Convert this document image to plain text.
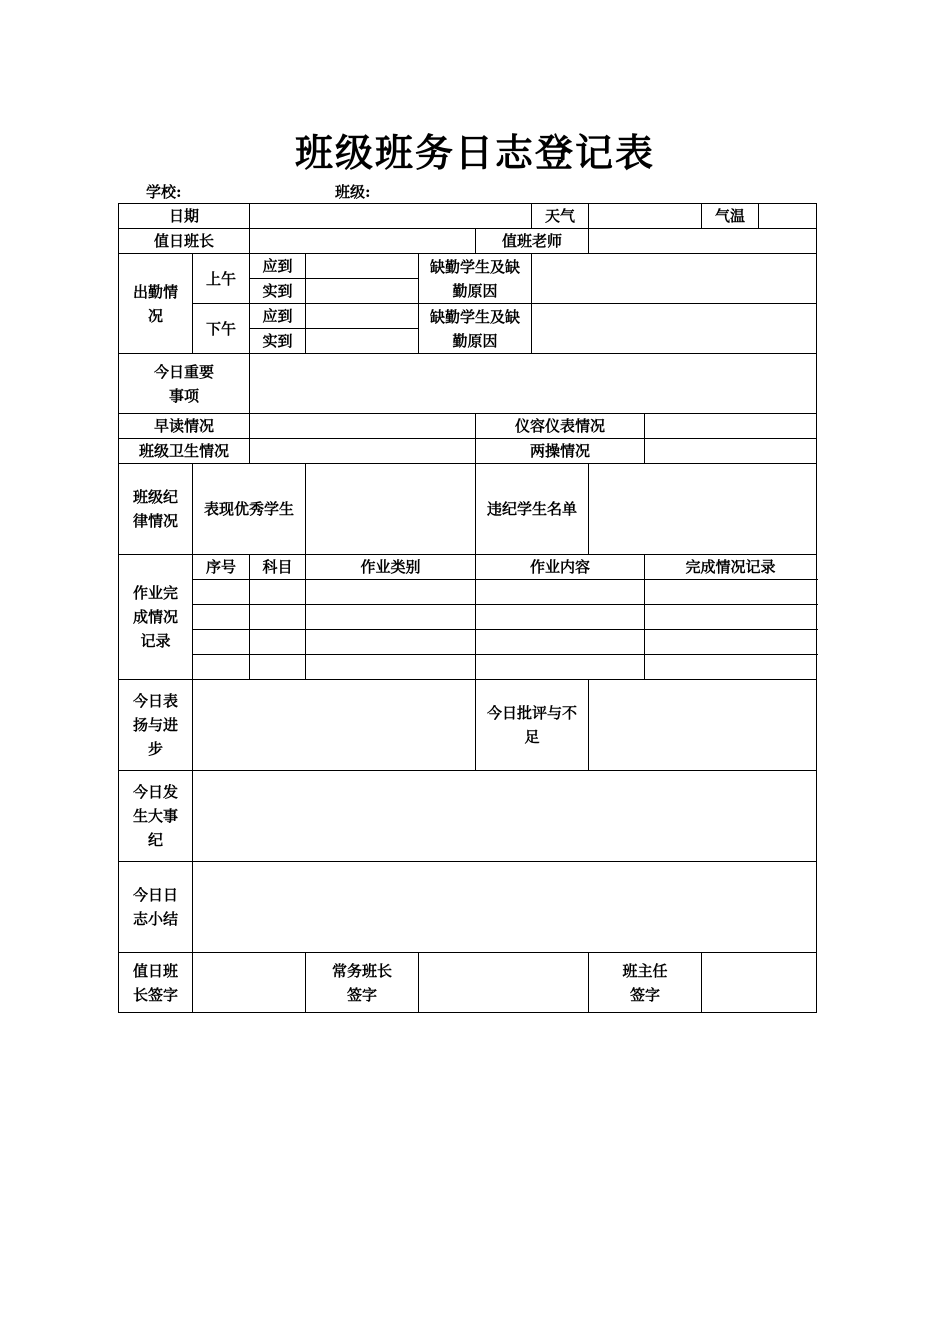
班级班务日志登记表
学校:	班级:
日期						天气			气温	
值日班长					值班老师					
出勤情况	上午	应到		缺勤学生及缺勤原因						
		实到								
	下午	应到		缺勤学生及缺勤原因						
		实到								
今日重要事项										
早读情况					仪容仪表情况					
班级卫生情况					两操情况					
班级纪律情况	表现优秀学生				违纪学生名单					
作业完成情况记录	序号	科目	作业类别		作业内容			完成情况记录		

今日表扬与进步					今日批评与不足					
今日发生大事纪										
今日日志小结										
值日班长签字			常务班长签字				班主任签字			
